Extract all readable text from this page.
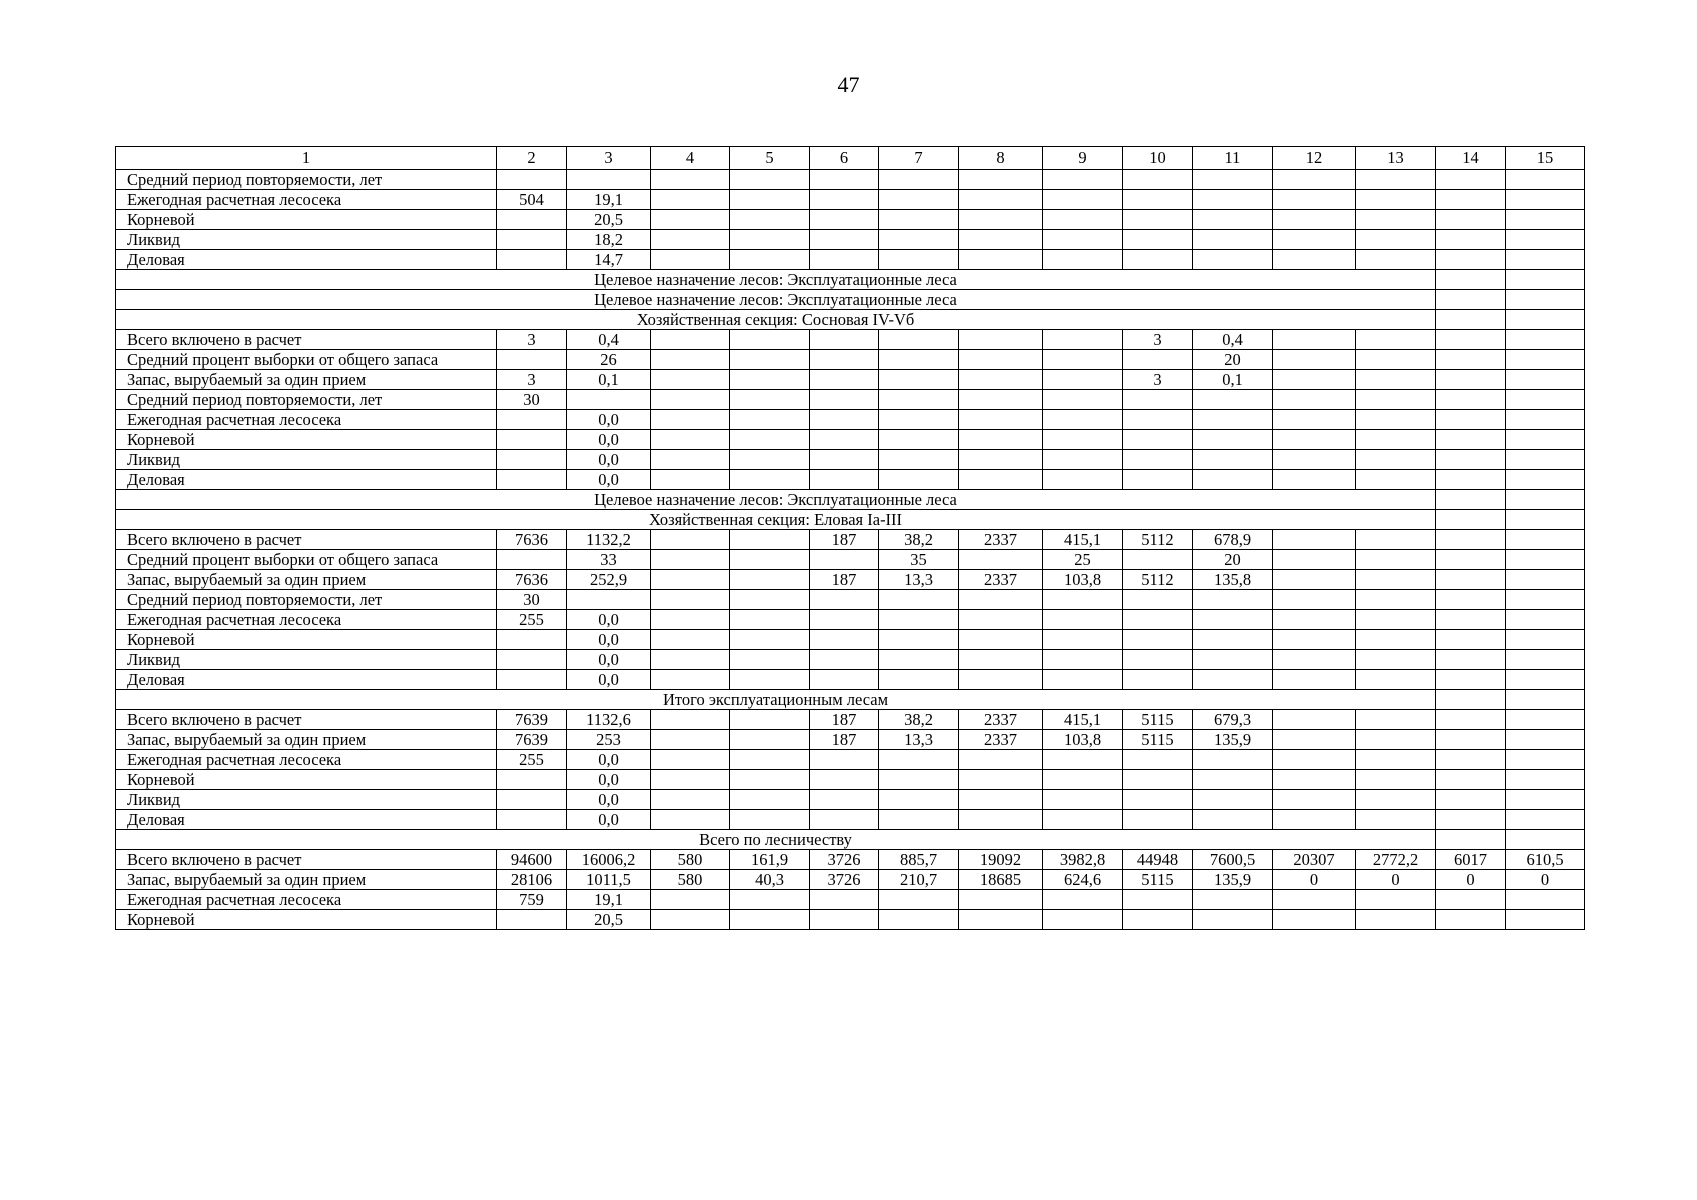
47
1	2	3	4	5	6	7	8	9	10	11	12	13	14	15
Средний период повторяемости, лет														
Ежегодная расчетная лесосека	504	19,1												
Корневой		20,5												
Ликвид		18,2												
Деловая		14,7												
Целевое назначение лесов: Эксплуатационные леса														
Целевое назначение лесов: Эксплуатационные леса														
Хозяйственная секция: Сосновая IV-Vб														
Всего включено в расчет	3	0,4							3	0,4				
Средний процент выборки от общего запаса		26								20				
Запас, вырубаемый за один прием	3	0,1							3	0,1				
Средний период повторяемости, лет	30													
Ежегодная расчетная лесосека		0,0												
Корневой		0,0												
Ликвид		0,0												
Деловая		0,0												
Целевое назначение лесов: Эксплуатационные леса														
Хозяйственная секция: Еловая Iа-III														
Всего включено в расчет	7636	1132,2			187	38,2	2337	415,1	5112	678,9				
Средний процент выборки от общего запаса		33				35		25		20				
Запас, вырубаемый за один прием	7636	252,9			187	13,3	2337	103,8	5112	135,8				
Средний период повторяемости, лет	30													
Ежегодная расчетная лесосека	255	0,0												
Корневой		0,0												
Ликвид		0,0												
Деловая		0,0												
Итого эксплуатационным лесам														
Всего включено в расчет	7639	1132,6			187	38,2	2337	415,1	5115	679,3				
Запас, вырубаемый за один прием	7639	253			187	13,3	2337	103,8	5115	135,9				
Ежегодная расчетная лесосека	255	0,0												
Корневой		0,0												
Ликвид		0,0												
Деловая		0,0												
Всего по лесничеству														
Всего включено в расчет	94600	16006,2	580	161,9	3726	885,7	19092	3982,8	44948	7600,5	20307	2772,2	6017	610,5
Запас, вырубаемый за один прием	28106	1011,5	580	40,3	3726	210,7	18685	624,6	5115	135,9	0	0	0	0
Ежегодная расчетная лесосека	759	19,1												
Корневой		20,5												
